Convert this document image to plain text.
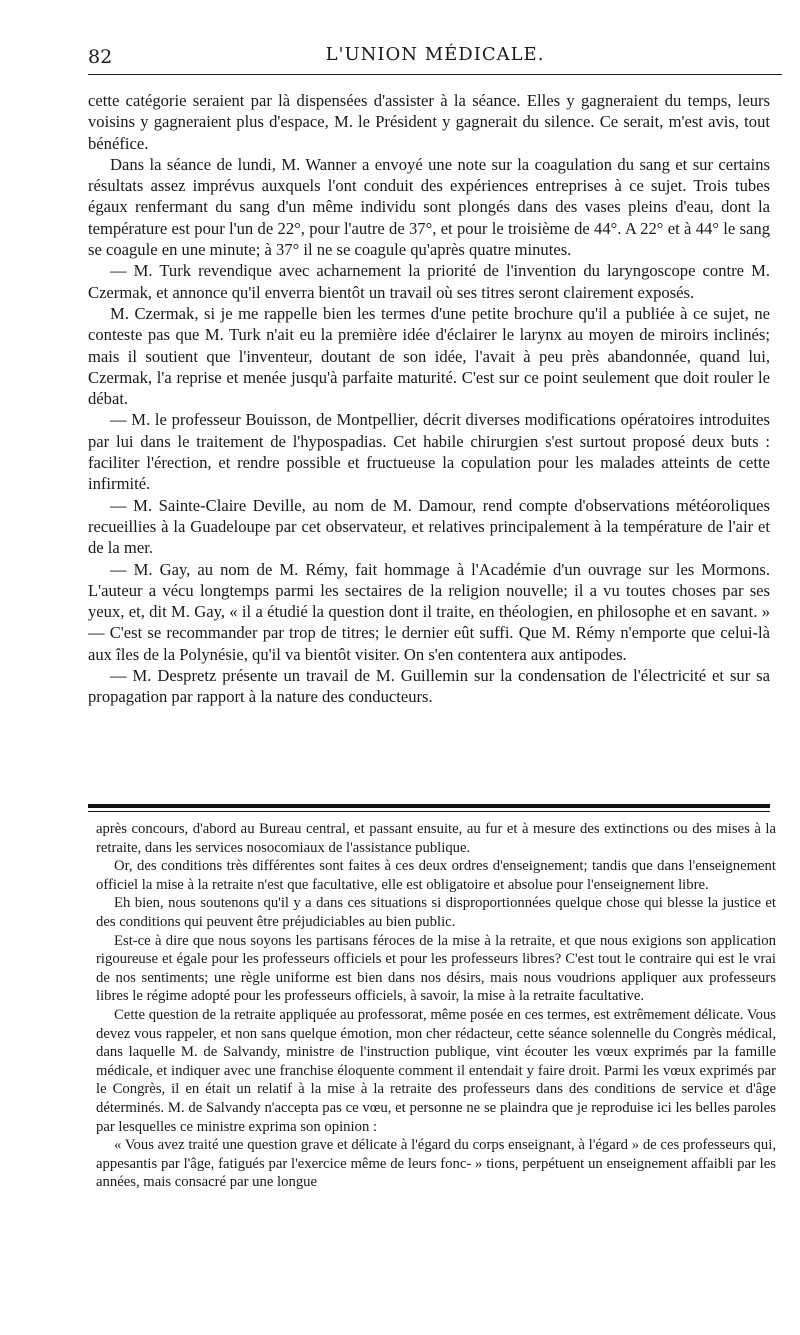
82	L'UNION MÉDICALE.

cette catégorie seraient par là dispensées d'assister à la séance. Elles y gagneraient du temps, leurs voisins y gagneraient plus d'espace, M. le Président y gagnerait du silence. Ce serait, m'est avis, tout bénéfice.

Dans la séance de lundi, M. Wanner a envoyé une note sur la coagulation du sang et sur certains résultats assez imprévus auxquels l'ont conduit des expériences entreprises à ce sujet. Trois tubes égaux renfermant du sang d'un même individu sont plongés dans des vases pleins d'eau, dont la température est pour l'un de 22°, pour l'autre de 37°, et pour le troisième de 44°. A 22° et à 44° le sang se coagule en une minute; à 37° il ne se coagule qu'après quatre minutes.

— M. Turk revendique avec acharnement la priorité de l'invention du laryngoscope contre M. Czermak, et annonce qu'il enverra bientôt un travail où ses titres seront clairement exposés.

M. Czermak, si je me rappelle bien les termes d'une petite brochure qu'il a publiée à ce sujet, ne conteste pas que M. Turk n'ait eu la première idée d'éclairer le larynx au moyen de miroirs inclinés; mais il soutient que l'inventeur, doutant de son idée, l'avait à peu près abandonnée, quand lui, Czermak, l'a reprise et menée jusqu'à parfaite maturité. C'est sur ce point seulement que doit rouler le débat.

— M. le professeur Bouisson, de Montpellier, décrit diverses modifications opératoires introduites par lui dans le traitement de l'hypospadias. Cet habile chirurgien s'est surtout proposé deux buts : faciliter l'érection, et rendre possible et fructueuse la copulation pour les malades atteints de cette infirmité.

— M. Sainte-Claire Deville, au nom de M. Damour, rend compte d'observations météoroliques recueillies à la Guadeloupe par cet observateur, et relatives principalement à la température de l'air et de la mer.

— M. Gay, au nom de M. Rémy, fait hommage à l'Académie d'un ouvrage sur les Mormons. L'auteur a vécu longtemps parmi les sectaires de la religion nouvelle; il a vu toutes choses par ses yeux, et, dit M. Gay, « il a étudié la question dont il traite, en théologien, en philosophe et en savant. » — C'est se recommander par trop de titres; le dernier eût suffi. Que M. Rémy n'emporte que celui-là aux îles de la Polynésie, qu'il va bientôt visiter. On s'en contentera aux antipodes.

— M. Despretz présente un travail de M. Guillemin sur la condensation de l'électricité et sur sa propagation par rapport à la nature des conducteurs.

après concours, d'abord au Bureau central, et passant ensuite, au fur et à mesure des extinctions ou des mises à la retraite, dans les services nosocomiaux de l'assistance publique.

Or, des conditions très différentes sont faites à ces deux ordres d'enseignement; tandis que dans l'enseignement officiel la mise à la retraite n'est que facultative, elle est obligatoire et absolue pour l'enseignement libre.

Eh bien, nous soutenons qu'il y a dans ces situations si disproportionnées quelque chose qui blesse la justice et des conditions qui peuvent être préjudiciables au bien public.

Est-ce à dire que nous soyons les partisans féroces de la mise à la retraite, et que nous exigions son application rigoureuse et égale pour les professeurs officiels et pour les professeurs libres? C'est tout le contraire qui est le vrai de nos sentiments; une règle uniforme est bien dans nos désirs, mais nous voudrions appliquer aux professeurs libres le régime adopté pour les professeurs officiels, à savoir, la mise à la retraite facultative.

Cette question de la retraite appliquée au professorat, même posée en ces termes, est extrêmement délicate. Vous devez vous rappeler, et non sans quelque émotion, mon cher rédacteur, cette séance solennelle du Congrès médical, dans laquelle M. de Salvandy, ministre de l'instruction publique, vint écouter les vœux exprimés par la famille médicale, et indiquer avec une franchise éloquente comment il entendait y faire droit. Parmi les vœux exprimés par le Congrès, il en était un relatif à la mise à la retraite des professeurs dans des conditions de service et d'âge déterminés. M. de Salvandy n'accepta pas ce vœu, et personne ne se plaindra que je reproduise ici les belles paroles par lesquelles ce ministre exprima son opinion :

« Vous avez traité une question grave et délicate à l'égard du corps enseignant, à l'égard » de ces professeurs qui, appesantis par l'âge, fatigués par l'exercice même de leurs fonc- » tions, perpétuent un enseignement affaibli par les années, mais consacré par une longue
